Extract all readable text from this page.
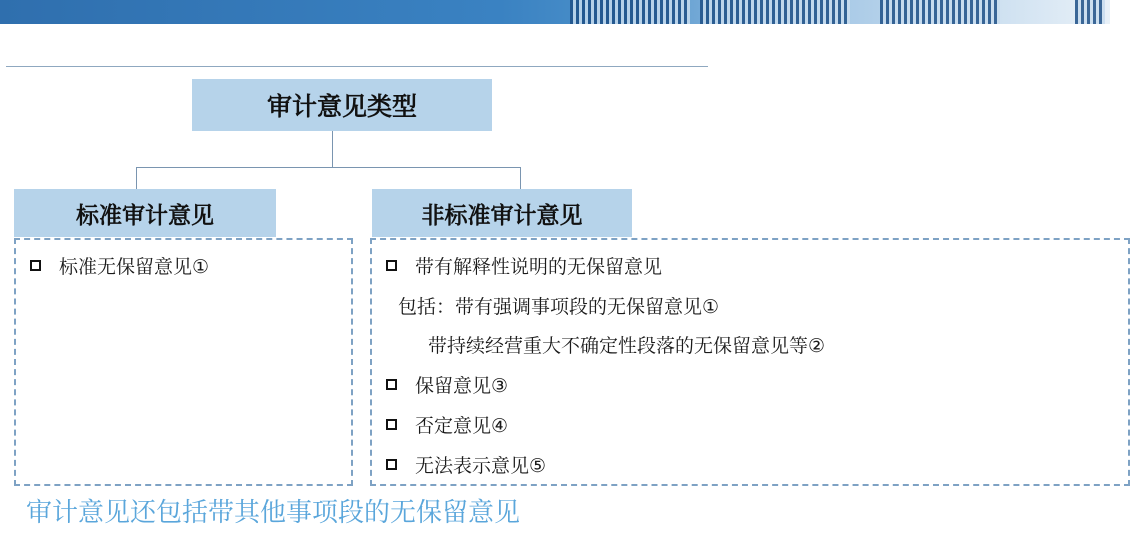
审计意见类型
标准审计意见	非标准审计意见
标准无保留意见①	带有解释性说明的无保留意见
包括：带有强调事项段的无保留意见①
带持续经营重大不确定性段落的无保留意见等②
保留意见③
否定意见④
无法表示意见⑤
审计意见还包括带其他事项段的无保留意见
